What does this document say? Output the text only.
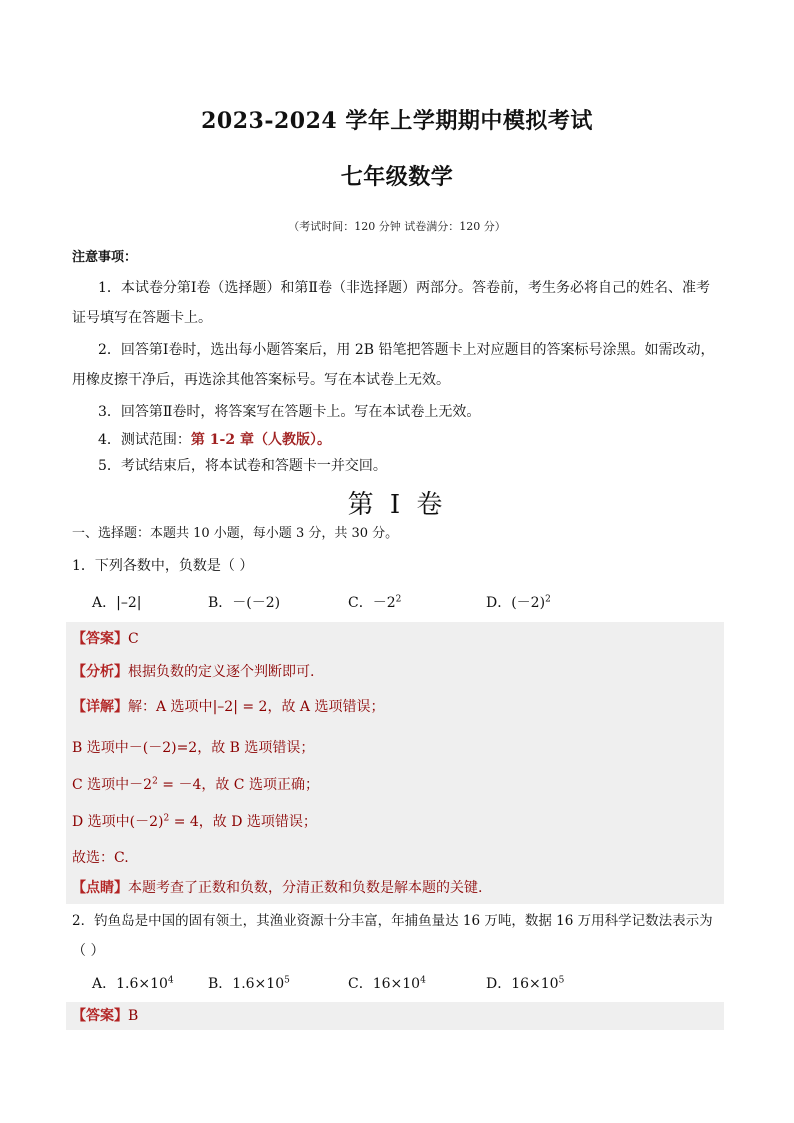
2023-2024 学年上学期期中模拟考试
七年级数学
（考试时间：120 分钟 试卷满分：120 分）
注意事项：
1．本试卷分第Ⅰ卷（选择题）和第Ⅱ卷（非选择题）两部分。答卷前，考生务必将自己的姓名、准考
证号填写在答题卡上。
2．回答第Ⅰ卷时，选出每小题答案后，用 2B 铅笔把答题卡上对应题目的答案标号涂黑。如需改动，
用橡皮擦干净后，再选涂其他答案标号。写在本试卷上无效。
3．回答第Ⅱ卷时，将答案写在答题卡上。写在本试卷上无效。
4．测试范围：第 1-2 章（人教版）。
5．考试结束后，将本试卷和答题卡一并交回。
第 I 卷
一、选择题：本题共 10 小题，每小题 3 分，共 30 分。
1．下列各数中，负数是（ ）
A．|–2|	B．－(－2)	C．$-2^2$	D．$(-2)^2$
【答案】C
【分析】根据负数的定义逐个判断即可.
【详解】解：A 选项中|–2| = 2，故 A 选项错误；
B 选项中－(－2)=2，故 B 选项错误；
C 选项中$-2^2 = -4$，故 C 选项正确；
D 选项中$(-2)^2 = 4$，故 D 选项错误；
故选：C.
【点睛】本题考查了正数和负数，分清正数和负数是解本题的关键.
2．钓鱼岛是中国的固有领土，其渔业资源十分丰富，年捕鱼量达 16 万吨，数据 16 万用科学记数法表示为
（ ）
A．$1.6\times 10^4$ B．$1.6\times 10^5$	C．$16\times 10^4$	D．$16\times 10^5$
【答案】B
